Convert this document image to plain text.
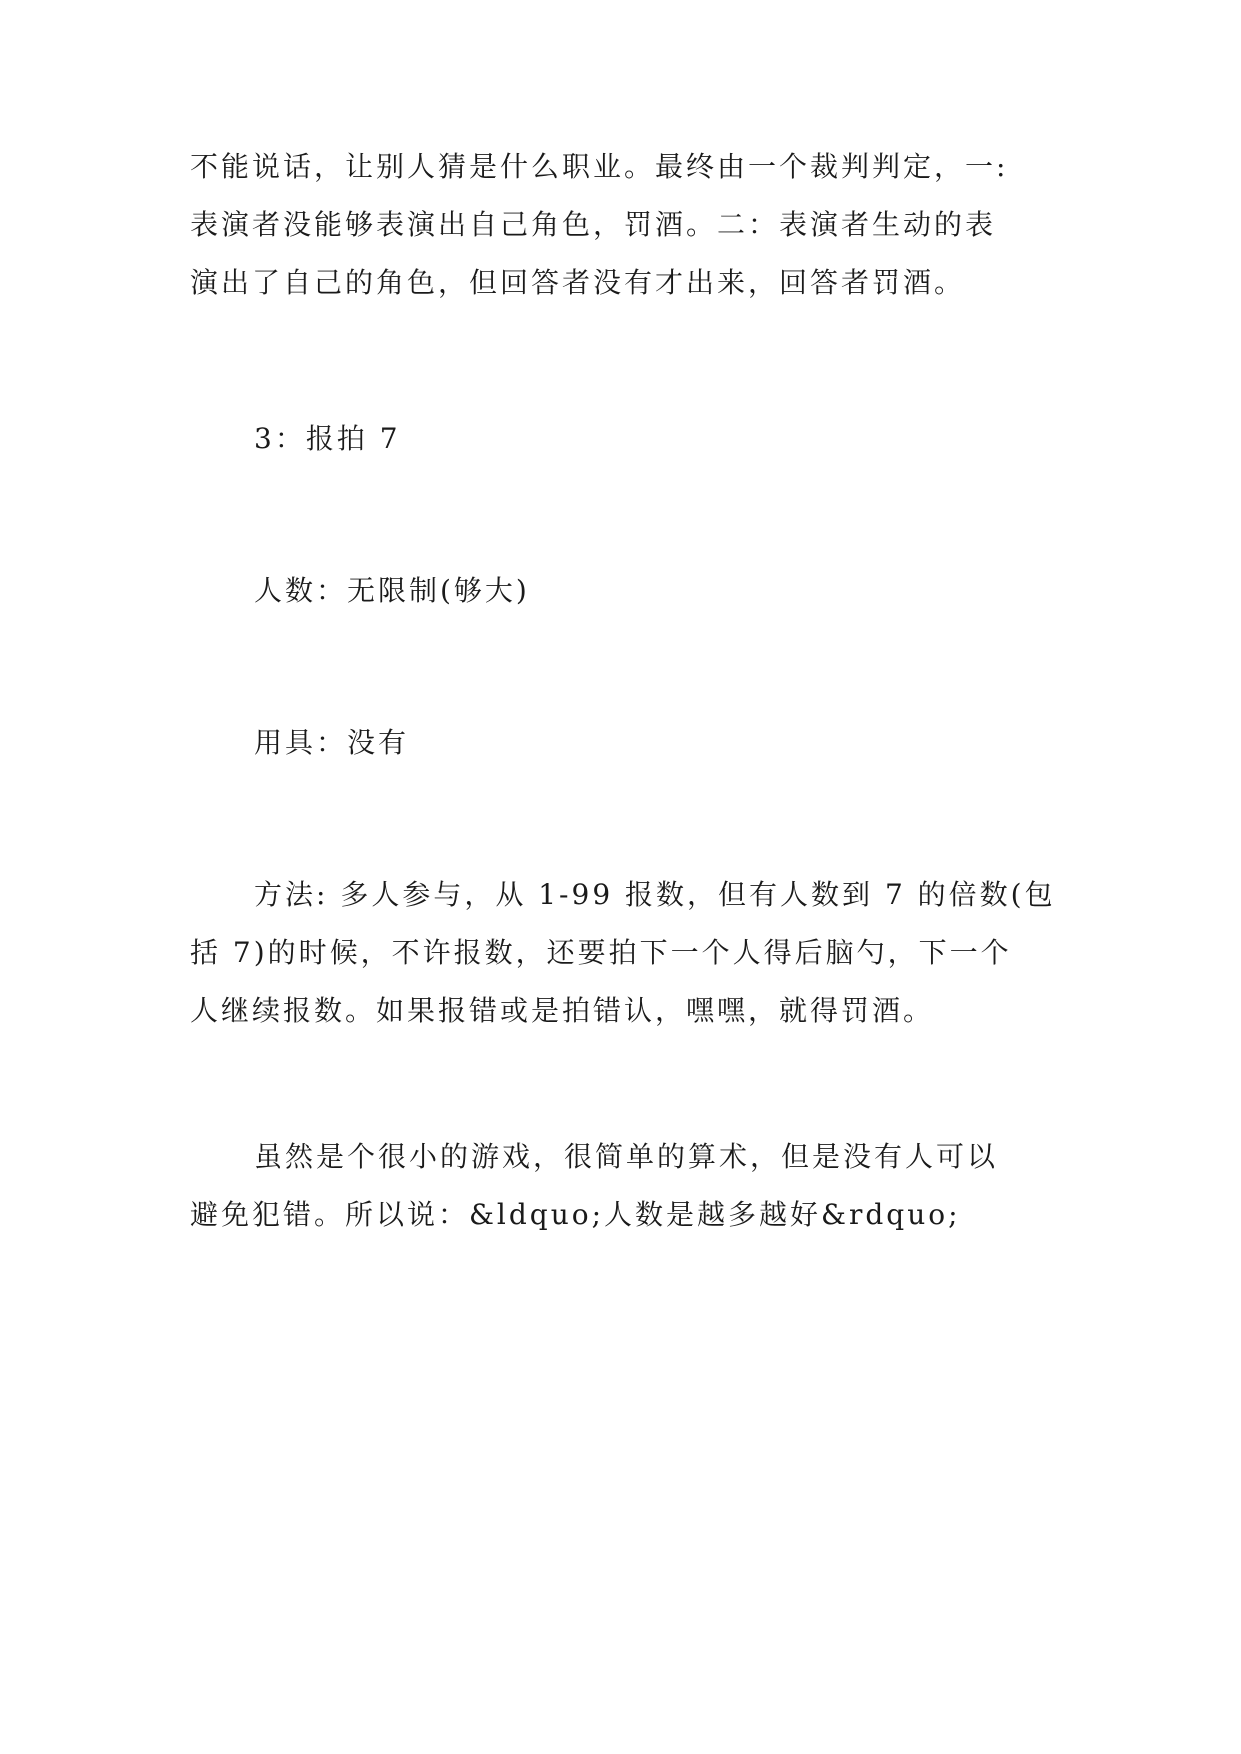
不能说话，让别人猜是什么职业。最终由一个裁判判定，一:
表演者没能够表演出自己角色，罚酒。二：表演者生动的表
演出了自己的角色，但回答者没有才出来，回答者罚酒。
3：报拍 7
人数：无限制(够大)
用具：没有
方法: 多人参与，从 1-99 报数，但有人数到 7 的倍数(包
括 7)的时候，不许报数，还要拍下一个人得后脑勺，下一个
人继续报数。如果报错或是拍错认，嘿嘿，就得罚酒。
虽然是个很小的游戏，很简单的算术，但是没有人可以
避免犯错。所以说：&ldquo;人数是越多越好&rdquo;
